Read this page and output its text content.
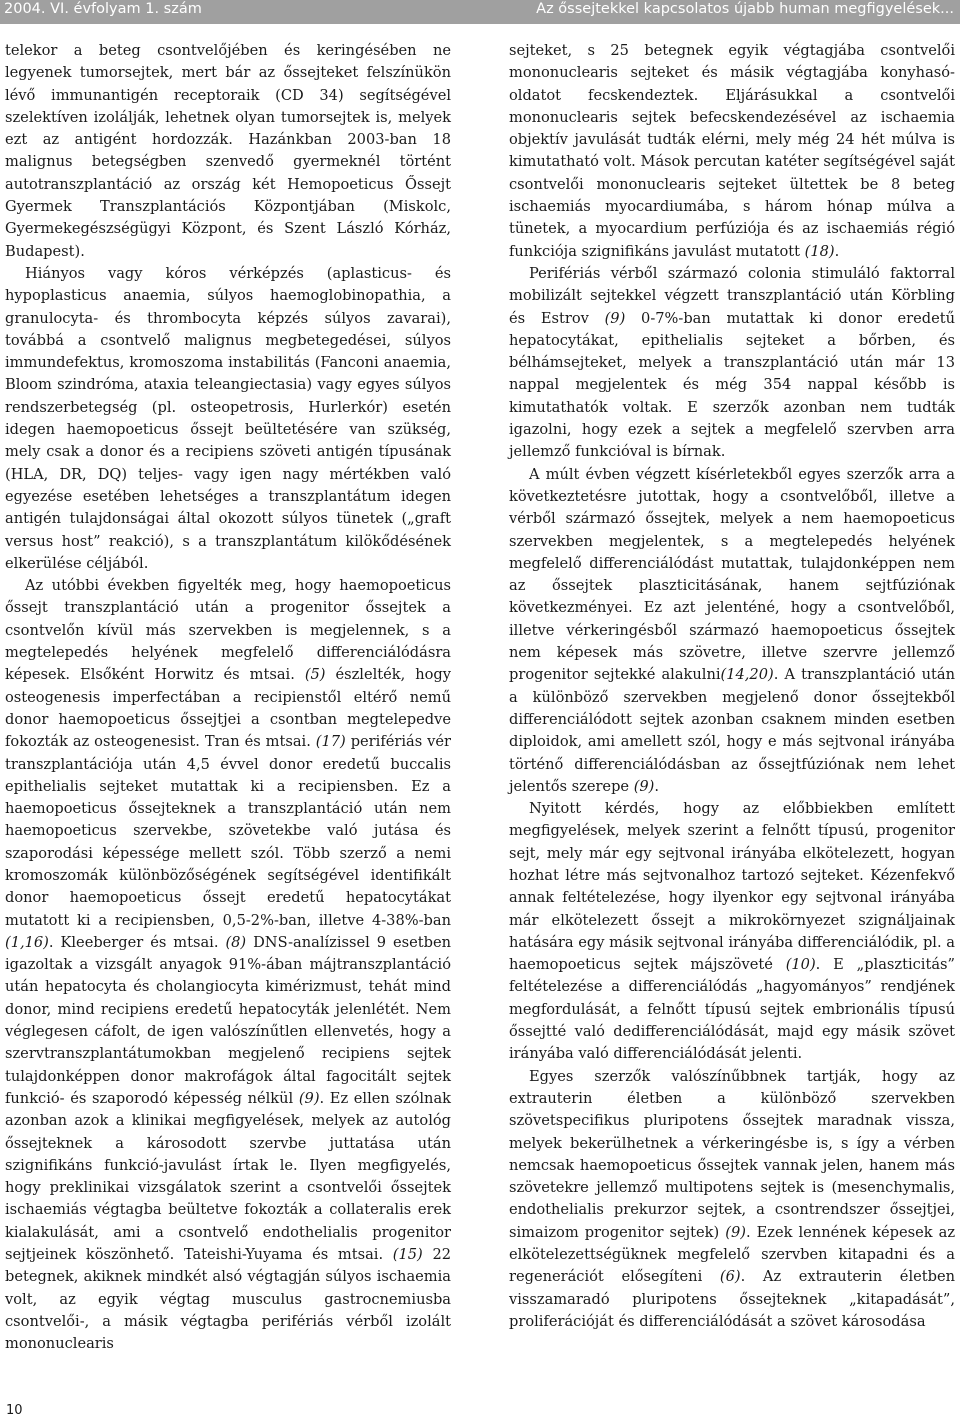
2004. VI. évfolyam 1. szám	Az őssejtekkel kapcsolatos újabb human megfigyelések...

telekor a beteg csontvelőjében és keringésében ne legyenek tumorsejtek, mert bár az őssejteket felszínükön lévő immunantigén receptoraik (CD 34) segítségével szelektíven izolálják, lehetnek olyan tumorsejtek is, melyek ezt az antigént hordozzák. Hazánkban 2003-ban 18 malignus betegségben szenvedő gyermeknél történt autotranszplantáció az ország két Hemopoeticus Őssejt Gyermek Transzplantációs Központjában (Miskolc, Gyermekegészségügyi Központ, és Szent László Kórház, Budapest).

Hiányos vagy kóros vérképzés (aplasticus- és hypoplasticus anaemia, súlyos haemoglobinopathia, a granulocyta- és thrombocyta képzés súlyos zavarai), továbbá a csontvelő malignus megbetegedései, súlyos immundefektus, kromoszoma instabilitás (Fanconi anaemia, Bloom szindróma, ataxia teleangiectasia) vagy egyes súlyos rendszerbetegség (pl. osteopetrosis, Hurlerkór) esetén idegen haemopoeticus őssejt beültetésére van szükség, mely csak a donor és a recipiens szöveti antigén típusának (HLA, DR, DQ) teljes- vagy igen nagy mértékben való egyezése esetében lehetséges a transzplantátum idegen antigén tulajdonságai által okozott súlyos tünetek („graft versus host” reakció), s a transzplantátum kilökődésének elkerülése céljából.

Az utóbbi években figyelték meg, hogy haemopoeticus őssejt transzplantáció után a progenitor őssejtek a csontvelőn kívül más szervekben is megjelennek, s a megtelepedés helyének megfelelő differenciálódásra képesek. Elsőként Horwitz és mtsai. (5) észlelték, hogy osteogenesis imperfectában a recipienstől eltérő nemű donor haemopoeticus őssejtjei a csontban megtelepedve fokozták az osteogenesist. Tran és mtsai. (17) perifériás vér transzplantációja után 4,5 évvel donor eredetű buccalis epithelialis sejteket mutattak ki a recipiensben. Ez a haemopoeticus őssejteknek a transzplantáció után nem haemopoeticus szervekbe, szövetekbe való jutása és szaporodási képessége mellett szól. Több szerző a nemi kromoszomák különbözőségének segítségével identifikált donor haemopoeticus őssejt eredetű hepatocytákat mutatott ki a recipiensben, 0,5-2%-ban, illetve 4-38%-ban (1,16). Kleeberger és mtsai. (8) DNS-analízissel 9 esetben igazoltak a vizsgált anyagok 91%-ában májtranszplantáció után hepatocyta és cholangiocyta kimérizmust, tehát mind donor, mind recipiens eredetű hepatocyták jelenlétét. Nem véglegesen cáfolt, de igen valószínűtlen ellenvetés, hogy a szervtranszplantátumokban megjelenő recipiens sejtek tulajdonképpen donor makrofágok által fagocitált sejtek funkció- és szaporodó képesség nélkül (9). Ez ellen szólnak azonban azok a klinikai megfigyelések, melyek az autológ őssejteknek a károsodott szervbe juttatása után szignifikáns funkció-javulást írtak le. Ilyen megfigyelés, hogy preklinikai vizsgálatok szerint a csontvelői őssejtek ischaemiás végtagba beültetve fokozták a collateralis erek kialakulását, ami a csontvelő endothelialis progenitor sejtjeinek köszönhető. Tateishi-Yuyama és mtsai. (15) 22 betegnek, akiknek mindkét alsó végtagján súlyos ischaemia volt, az egyik végtag musculus gastrocnemiusba csontvelői-, a másik végtagba perifériás vérből izolált mononuclearis

sejteket, s 25 betegnek egyik végtagjába csontvelői mononuclearis sejteket és másik végtagjába konyhasó-oldatot fecskendeztek. Eljárásukkal a csontvelői mononuclearis sejtek befecskendezésével az ischaemia objektív javulását tudták elérni, mely még 24 hét múlva is kimutatható volt. Mások percutan katéter segítségével saját csontvelői mononuclearis sejteket ültettek be 8 beteg ischaemiás myocardiumába, s három hónap múlva a tünetek, a myocardium perfúziója és az ischaemiás régió funkciója szignifikáns javulást mutatott (18).

Perifériás vérből származó colonia stimuláló faktorral mobilizált sejtekkel végzett transzplantáció után Körbling és Estrov (9) 0-7%-ban mutattak ki donor eredetű hepatocytákat, epithelialis sejteket a bőrben, és bélhámsejteket, melyek a transzplantáció után már 13 nappal megjelentek és még 354 nappal később is kimutathatók voltak. E szerzők azonban nem tudták igazolni, hogy ezek a sejtek a megfelelő szervben arra jellemző funkcióval is bírnak.

A múlt évben végzett kísérletekből egyes szerzők arra a következtetésre jutottak, hogy a csontvelőből, illetve a vérből származó őssejtek, melyek a nem haemopoeticus szervekben megjelentek, s a megtelepedés helyének megfelelő differenciálódást mutattak, tulajdonképpen nem az őssejtek plaszticitásának, hanem sejtfúziónak következményei. Ez azt jelenténé, hogy a csontvelőből, illetve vérkeringésből származó haemopoeticus őssejtek nem képesek más szövetre, illetve szervre jellemző progenitor sejtekké alakulni(14,20). A transzplantáció után a különböző szervekben megjelenő donor őssejtekből differenciálódott sejtek azonban csaknem minden esetben diploidok, ami amellett szól, hogy e más sejtvonal irányába történő differenciálódásban az őssejtfúziónak nem lehet jelentős szerepe (9).

Nyitott kérdés, hogy az előbbiekben említett megfigyelések, melyek szerint a felnőtt típusú, progenitor sejt, mely már egy sejtvonal irányába elkötelezett, hogyan hozhat létre más sejtvonalhoz tartozó sejteket. Kézenfekvő annak feltételezése, hogy ilyenkor egy sejtvonal irányába már elkötelezett őssejt a mikrokörnyezet szignáljainak hatására egy másik sejtvonal irányába differenciálódik, pl. a haemopoeticus sejtek májszöveté (10). E „plaszticitás” feltételezése a differenciálódás „hagyományos” rendjének megfordulását, a felnőtt típusú sejtek embrionális típusú őssejtté való dedifferenciálódását, majd egy másik szövet irányába való differenciálódását jelenti.

Egyes szerzők valószínűbbnek tartják, hogy az extrauterin életben a különböző szervekben szövetspecifikus pluripotens őssejtek maradnak vissza, melyek bekerülhetnek a vérkeringésbe is, s így a vérben nemcsak haemopoeticus őssejtek vannak jelen, hanem más szövetekre jellemző multipotens sejtek is (mesenchymalis, endothelialis prekurzor sejtek, a csontrendszer őssejtjei, simaizom progenitor sejtek) (9). Ezek lennének képesek az elkötelezettségüknek megfelelő szervben kitapadni és a regenerációt elősegíteni (6). Az extrauterin életben visszamaradó pluripotens őssejteknek „kitapadását”, proliferációját és differenciálódását a szövet károsodása

10
